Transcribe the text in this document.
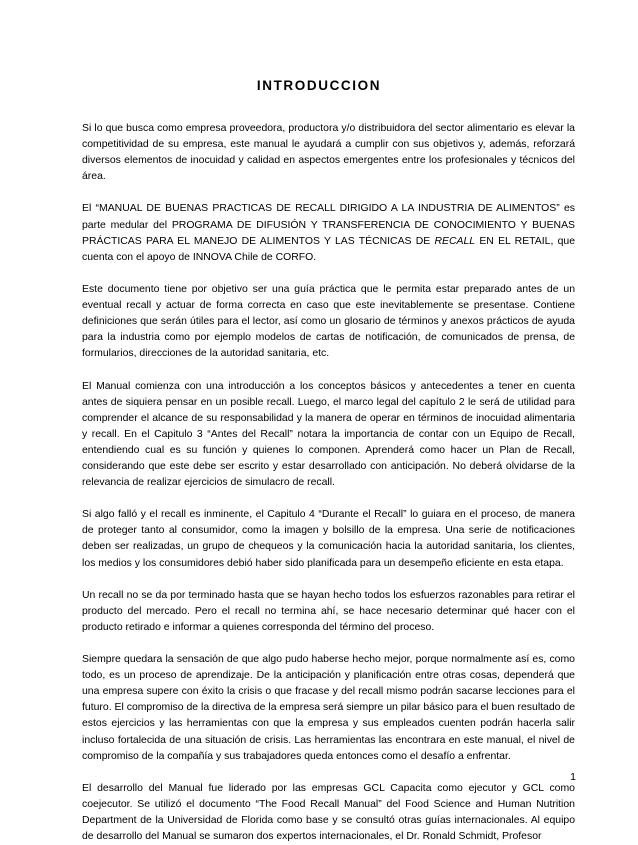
INTRODUCCION

Si lo que busca como empresa proveedora, productora y/o distribuidora del sector alimentario es elevar la competitividad de su empresa, este manual le ayudará a cumplir con sus objetivos y, además, reforzará diversos elementos de inocuidad y calidad en aspectos emergentes entre los profesionales y técnicos del área.

El “MANUAL DE BUENAS PRACTICAS DE RECALL DIRIGIDO A LA INDUSTRIA DE ALIMENTOS” es parte medular del PROGRAMA DE DIFUSIÓN Y TRANSFERENCIA DE CONOCIMIENTO Y BUENAS PRÁCTICAS PARA EL MANEJO DE ALIMENTOS Y LAS TÉCNICAS DE RECALL EN EL RETAIL, que cuenta con el apoyo de INNOVA Chile de CORFO.

Este documento tiene por objetivo ser una guía práctica que le permita estar preparado antes de un eventual recall y actuar de forma correcta en caso que este inevitablemente se presentase. Contiene definiciones que serán útiles para el lector, así como un glosario de términos y anexos prácticos de ayuda para la industria como por ejemplo modelos de cartas de notificación, de comunicados de prensa, de formularios, direcciones de la autoridad sanitaria, etc.

El Manual comienza con una introducción a los conceptos básicos y antecedentes a tener en cuenta antes de siquiera pensar en un posible recall. Luego, el marco legal del capítulo 2 le será de utilidad para comprender el alcance de su responsabilidad y la manera de operar en términos de inocuidad alimentaria y recall. En el Capitulo 3 “Antes del Recall” notara la importancia de contar con un Equipo de Recall, entendiendo cual es su función y quienes lo componen. Aprenderá como hacer un Plan de Recall, considerando que este debe ser escrito y estar desarrollado con anticipación. No deberá olvidarse de la relevancia de realizar ejercicios de simulacro de recall.

Si algo falló y el recall es inminente, el Capitulo 4 “Durante el Recall” lo guiara en el proceso, de manera de proteger tanto al consumidor, como la imagen y bolsillo de la empresa. Una serie de notificaciones deben ser realizadas, un grupo de chequeos y la comunicación hacia la autoridad sanitaria, los clientes, los medios y los consumidores debió haber sido planificada para un desempeño eficiente en esta etapa.

Un recall no se da por terminado hasta que se hayan hecho todos los esfuerzos razonables para retirar el producto del mercado. Pero el recall no termina ahí, se hace necesario determinar qué hacer con el producto retirado e informar a quienes corresponda del término del proceso.

Siempre quedara la sensación de que algo pudo haberse hecho mejor, porque normalmente así es, como todo, es un proceso de aprendizaje. De la anticipación y planificación entre otras cosas, dependerá que una empresa supere con éxito la crisis o que fracase y del recall mismo podrán sacarse lecciones para el futuro. El compromiso de la directiva de la empresa será siempre un pilar básico para el buen resultado de estos ejercicios y las herramientas con que la empresa y sus empleados cuenten podrán hacerla salir incluso fortalecida de una situación de crisis. Las herramientas las encontrara en este manual, el nivel de compromiso de la compañía y sus trabajadores queda entonces como el desafío a enfrentar.

El desarrollo del Manual fue liderado por las empresas GCL Capacita como ejecutor y GCL como coejecutor. Se utilizó el documento “The Food Recall Manual” del Food Science and Human Nutrition Department de la Universidad de Florida como base y se consultó otras guías internacionales. Al equipo de desarrollo del Manual se sumaron dos expertos internacionales, el Dr. Ronald Schmidt, Profesor

1
